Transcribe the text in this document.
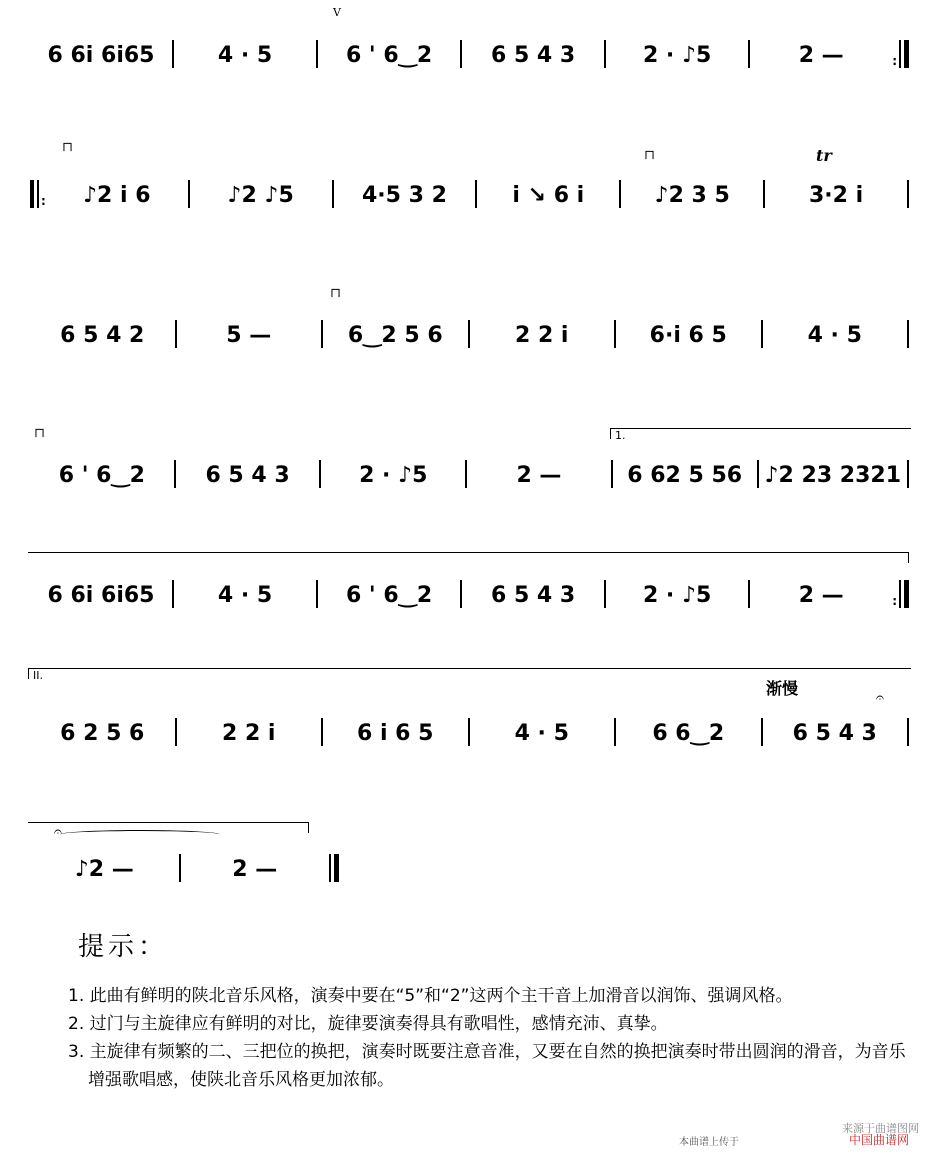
6 6i 6i65	4 · 5	6 ' 6‿2	6 5 4 3	2 · ♪5	2 —	:
V
:	♪2 i 6	♪2 ♪5	4·5 3 2	i ↘ 6 i	♪2 3 5	3·2 i
⊓
⊓	tr
6 5 4 2	5 —	6‿2 5 6	2 2 i	6·i 6 5	4 · 5
⊓
6 ' 6‿2	6 5 4 3	2 · ♪5	2 —	6 62 5 56	♪2 23 2321
⊓	1.
6 6i 6i65	4 · 5	6 ' 6‿2	6 5 4 3	2 · ♪5	2 —	:
II.
渐慢	𝄐
6 2 5 6	2 2 i	6 i 6 5	4 · 5	6 6‿2	6 5 4 3
𝄐
♪2 —	2 —
提示：
1. 此曲有鲜明的陕北音乐风格，演奏中要在“5”和“2”这两个主干音上加滑音以润饰、强调风格。
2. 过门与主旋律应有鲜明的对比，旋律要演奏得具有歌唱性，感情充沛、真挚。
3. 主旋律有频繁的二、三把位的换把，演奏时既要注意音准，又要在自然的换把演奏时带出圆润的滑音，为音乐增强歌唱感，使陕北音乐风格更加浓郁。
来源于曲谱图网
本曲谱上传于	中国曲谱网
